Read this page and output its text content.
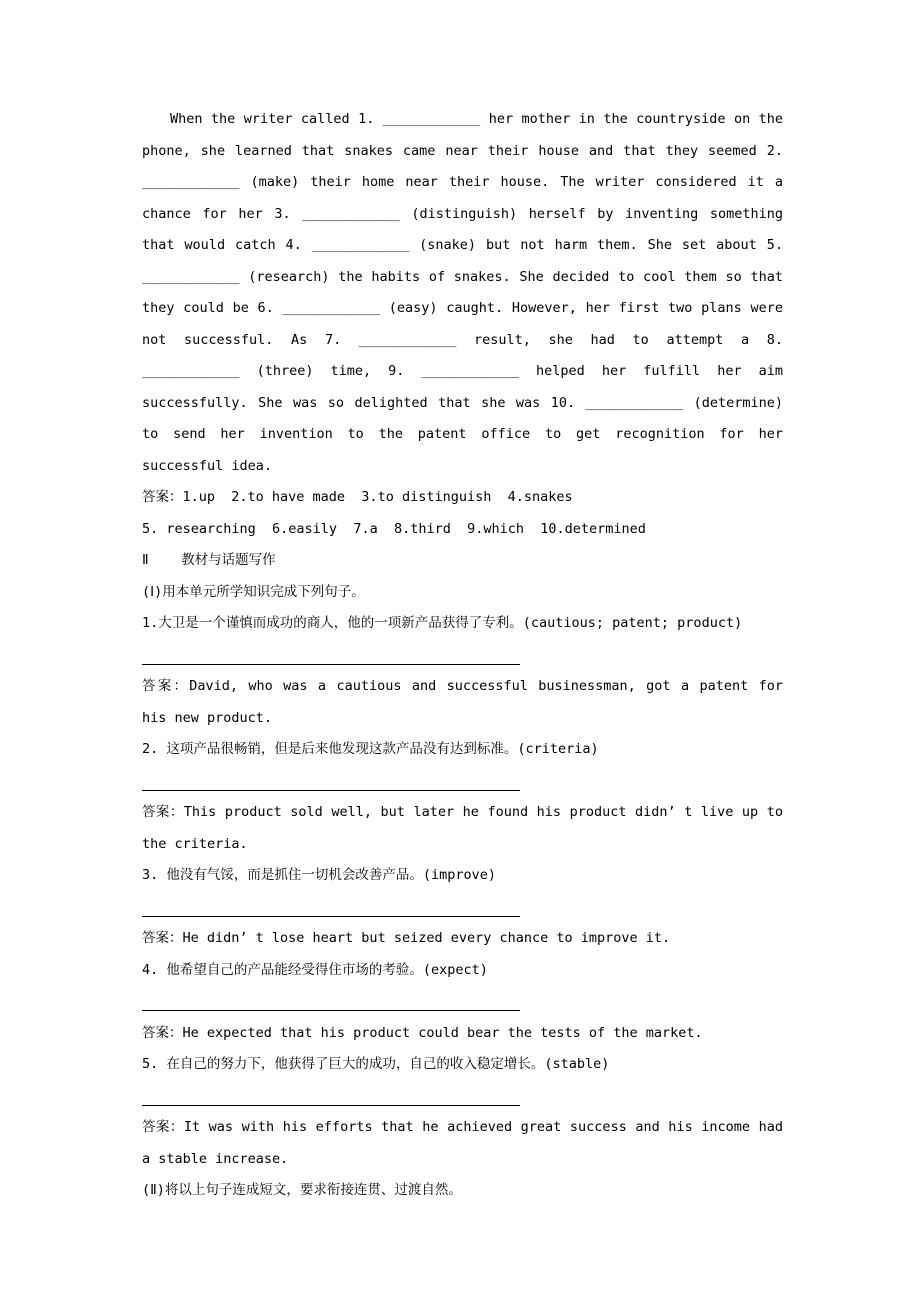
When the writer called 1. ____________ her mother in the countryside on the phone, she learned that snakes came near their house and that they seemed 2. ____________ (make) their home near their house. The writer considered it a chance for her 3. ____________ (distinguish) herself by inventing something that would catch 4. ____________ (snake) but not harm them. She set about 5. ____________ (research) the habits of snakes. She decided to cool them so that they could be 6. ____________ (easy) caught. However, her first two plans were not successful. As 7. ____________ result, she had to attempt a 8. ____________ (three) time, 9. ____________ helped her fulfill her aim successfully. She was so delighted that she was 10. ____________ (determine) to send her invention to the patent office to get recognition for her successful idea.

答案：1.up  2.to have made  3.to distinguish  4.snakes

5. researching  6.easily  7.a  8.third  9.which  10.determined

Ⅱ    教材与话题写作

(Ⅰ)用本单元所学知识完成下列句子。

1.大卫是一个谨慎而成功的商人，他的一项新产品获得了专利。(cautious; patent; product)

答案：David, who was a cautious and successful businessman, got a patent for his new product.

2. 这项产品很畅销，但是后来他发现这款产品没有达到标准。(criteria)

答案：This product sold well, but later he found his product didn’ t live up to the criteria.

3. 他没有气馁，而是抓住一切机会改善产品。(improve)

答案：He didn’ t lose heart but seized every chance to improve it.

4. 他希望自己的产品能经受得住市场的考验。(expect)

答案：He expected that his product could bear the tests of the market.

5. 在自己的努力下，他获得了巨大的成功，自己的收入稳定增长。(stable)

答案：It was with his efforts that he achieved great success and his income had a stable increase.

(Ⅱ)将以上句子连成短文，要求衔接连贯、过渡自然。
